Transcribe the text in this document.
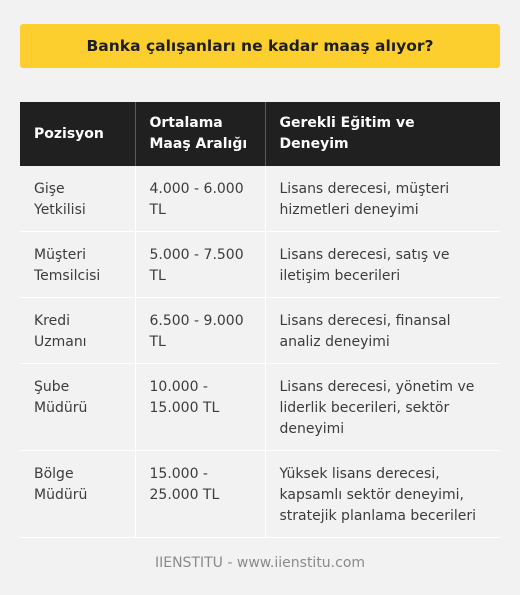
Banka çalışanları ne kadar maaş alıyor?
Pozisyon	Ortalama Maaş Aralığı	Gerekli Eğitim ve Deneyim
Gişe Yetkilisi	4.000 - 6.000 TL	Lisans derecesi, müşteri hizmetleri deneyimi
Müşteri Temsilcisi	5.000 - 7.500 TL	Lisans derecesi, satış ve iletişim becerileri
Kredi Uzmanı	6.500 - 9.000 TL	Lisans derecesi, finansal analiz deneyimi
Şube Müdürü	10.000 - 15.000 TL	Lisans derecesi, yönetim ve liderlik becerileri, sektör deneyimi
Bölge Müdürü	15.000 - 25.000 TL	Yüksek lisans derecesi, kapsamlı sektör deneyimi, stratejik planlama becerileri
IIENSTITU - www.iienstitu.com
